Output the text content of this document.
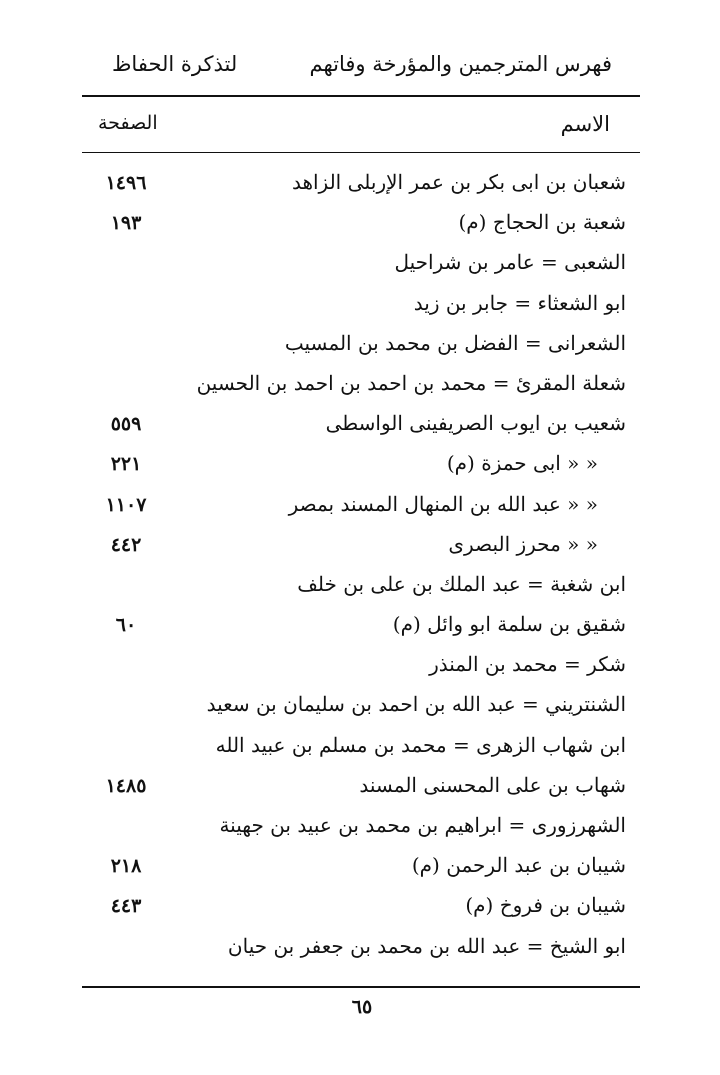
فهرس المترجمين والمؤرخة وفاتهم
لتذكرة الحفاظ
الاسم
الصفحة
شعبان بن ابى بكر بن عمر الإربلى الزاهد
١٤٩٦
شعبة بن الحجاج (م)
١٩٣
الشعبى = عامر بن شراحيل
ابو الشعثاء = جابر بن زيد
الشعرانى = الفضل بن محمد بن المسيب
شعلة المقرئ = محمد بن احمد بن احمد بن الحسين
شعيب بن ايوب الصريفينى الواسطى
٥٥٩
« « ابى حمزة (م)
٢٢١
« « عبد الله بن المنهال المسند بمصر
١١٠٧
« « محرز البصرى
٤٤٢
ابن شغبة = عبد الملك بن على بن خلف
شقيق بن سلمة ابو وائل (م)
٦٠
شكر = محمد بن المنذر
الشنتريني = عبد الله بن احمد بن سليمان بن سعيد
ابن شهاب الزهرى = محمد بن مسلم بن عبيد الله
شهاب بن على المحسنى المسند
١٤٨٥
الشهرزورى = ابراهيم بن محمد بن عبيد بن جهينة
شيبان بن عبد الرحمن (م)
٢١٨
شيبان بن فروخ (م)
٤٤٣
ابو الشيخ = عبد الله بن محمد بن جعفر بن حيان
٦٥
